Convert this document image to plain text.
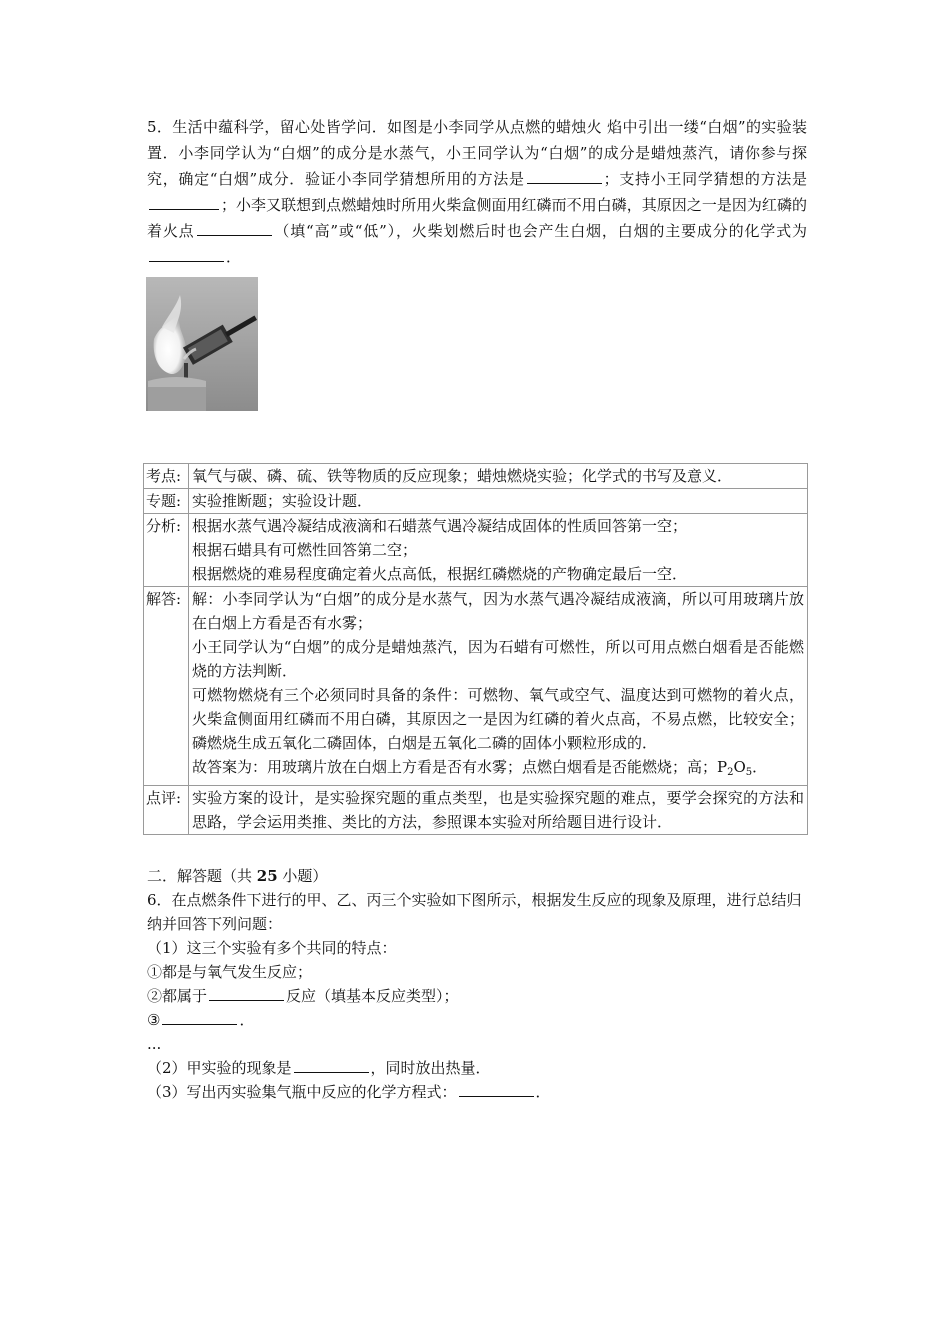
5．生活中蕴科学，留心处皆学问．如图是小李同学从点燃的蜡烛火 焰中引出一缕“白烟”的实验装置．小李同学认为“白烟”的成分是水蒸气，小王同学认为“白烟”的成分是蜡烛蒸汽，请你参与探究，确定“白烟”成分．验证小李同学猜想所用的方法是	；支持小王同学猜想的方法是；小李又联想到点燃蜡烛时所用火柴盒侧面用红磷而不用白磷，其原因之一是因为红磷的着火点	（填“高”或“低”），火柴划燃后时也会产生白烟，白烟的主要成分的化学式为．
考点:	氧气与碳、磷、硫、铁等物质的反应现象；蜡烛燃烧实验；化学式的书写及意义．

专题:	实验推断题；实验设计题．

分析:	根据水蒸气遇冷凝结成液滴和石蜡蒸气遇冷凝结成固体的性质回答第一空；

根据石蜡具有可燃性回答第二空；

根据燃烧的难易程度确定着火点高低，根据红磷燃烧的产物确定最后一空．

解答:	解：小李同学认为“白烟”的成分是水蒸气，因为水蒸气遇冷凝结成液滴，所以可用玻璃片放在白烟上方看是否有水雾；

小王同学认为“白烟”的成分是蜡烛蒸汽，因为石蜡有可燃性，所以可用点燃白烟看是否能燃烧的方法判断．

可燃物燃烧有三个必须同时具备的条件：可燃物、氧气或空气、温度达到可燃物的着火点，火柴盒侧面用红磷而不用白磷，其原因之一是因为红磷的着火点高，不易点燃，比较安全；磷燃烧生成五氧化二磷固体，白烟是五氧化二磷的固体小颗粒形成的．

故答案为：用玻璃片放在白烟上方看是否有水雾；点燃白烟看是否能燃烧；高；$P_2O_5$．

点评:	实验方案的设计，是实验探究题的重点类型，也是实验探究题的难点，要学会探究的方法和思路，学会运用类推、类比的方法，参照课本实验对所给题目进行设计．

二．解答题（共 25 小题）

6．在点燃条件下进行的甲、乙、丙三个实验如下图所示，根据发生反应的现象及原理，进行总结归纳并回答下列问题：

（1）这三个实验有多个共同的特点：

①都是与氧气发生反应；

②都属于	反应（填基本反应类型）；

③	．

...

（2）甲实验的现象是	，同时放出热量．

（3）写出丙实验集气瓶中反应的化学方程式：	．
